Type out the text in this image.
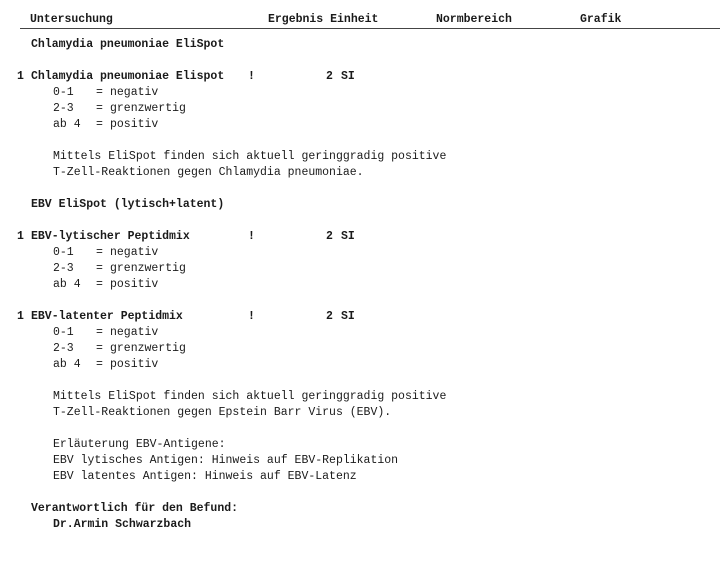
Untersuchung	Ergebnis Einheit	Normbereich	Grafik
Chlamydia pneumoniae EliSpot
1 Chlamydia pneumoniae Elispot !	2 SI
0-1 = negativ
2-3 = grenzwertig
ab 4 = positiv
Mittels EliSpot finden sich aktuell geringgradig positive
T-Zell-Reaktionen gegen Chlamydia pneumoniae.
EBV EliSpot (lytisch+latent)
1 EBV-lytischer Peptidmix	!	2 SI
0-1 = negativ
2-3 = grenzwertig
ab 4 = positiv
1 EBV-latenter Peptidmix	!	2 SI
0-1 = negativ
2-3 = grenzwertig
ab 4 = positiv
Mittels EliSpot finden sich aktuell geringgradig positive
T-Zell-Reaktionen gegen Epstein Barr Virus (EBV).
Erläuterung EBV-Antigene:
EBV lytisches Antigen: Hinweis auf EBV-Replikation
EBV latentes Antigen: Hinweis auf EBV-Latenz
Verantwortlich für den Befund:
Dr.Armin Schwarzbach
